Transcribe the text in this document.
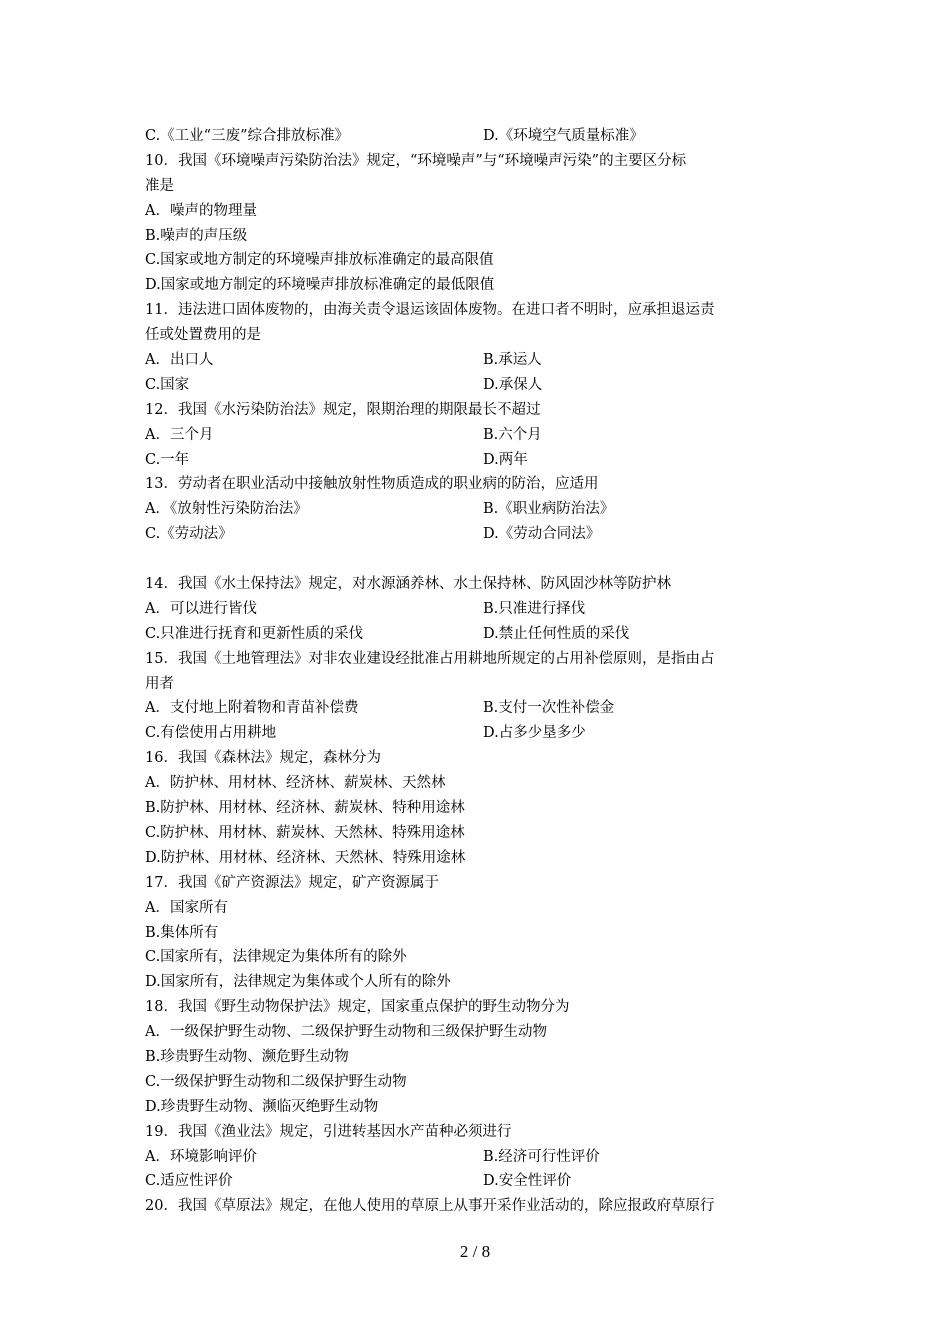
C.《工业“三废”综合排放标准》	D.《环境空气质量标准》
10．我国《环境噪声污染防治法》规定，“环境噪声”与“环境噪声污染”的主要区分标
准是
A．噪声的物理量
B.噪声的声压级
C.国家或地方制定的环境噪声排放标准确定的最高限值
D.国家或地方制定的环境噪声排放标准确定的最低限值
11．违法进口固体废物的，由海关责令退运该固体废物。在进口者不明时，应承担退运责
任或处置费用的是
A．出口人	B.承运人
C.国家	D.承保人
12．我国《水污染防治法》规定，限期治理的期限最长不超过
A．三个月	B.六个月
C.一年	D.两年
13．劳动者在职业活动中接触放射性物质造成的职业病的防治，应适用
A．《放射性污染防治法》	B.《职业病防治法》
C.《劳动法》	D.《劳动合同法》
14．我国《水土保持法》规定，对水源涵养林、水土保持林、防风固沙林等防护林
A．可以进行皆伐	B.只准进行择伐
C.只准进行抚育和更新性质的采伐	D.禁止任何性质的采伐
15．我国《土地管理法》对非农业建设经批准占用耕地所规定的占用补偿原则，是指由占
用者
A．支付地上附着物和青苗补偿费	B.支付一次性补偿金
C.有偿使用占用耕地	D.占多少垦多少
16．我国《森林法》规定，森林分为
A．防护林、用材林、经济林、薪炭林、天然林
B.防护林、用材林、经济林、薪炭林、特种用途林
C.防护林、用材林、薪炭林、天然林、特殊用途林
D.防护林、用材林、经济林、天然林、特殊用途林
17．我国《矿产资源法》规定，矿产资源属于
A．国家所有
B.集体所有
C.国家所有，法律规定为集体所有的除外
D.国家所有，法律规定为集体或个人所有的除外
18．我国《野生动物保护法》规定，国家重点保护的野生动物分为
A．一级保护野生动物、二级保护野生动物和三级保护野生动物
B.珍贵野生动物、濒危野生动物
C.一级保护野生动物和二级保护野生动物
D.珍贵野生动物、濒临灭绝野生动物
19．我国《渔业法》规定，引进转基因水产苗种必须进行
A．环境影响评价	B.经济可行性评价
C.适应性评价	D.安全性评价
20．我国《草原法》规定，在他人使用的草原上从事开采作业活动的，除应报政府草原行
2 / 8
